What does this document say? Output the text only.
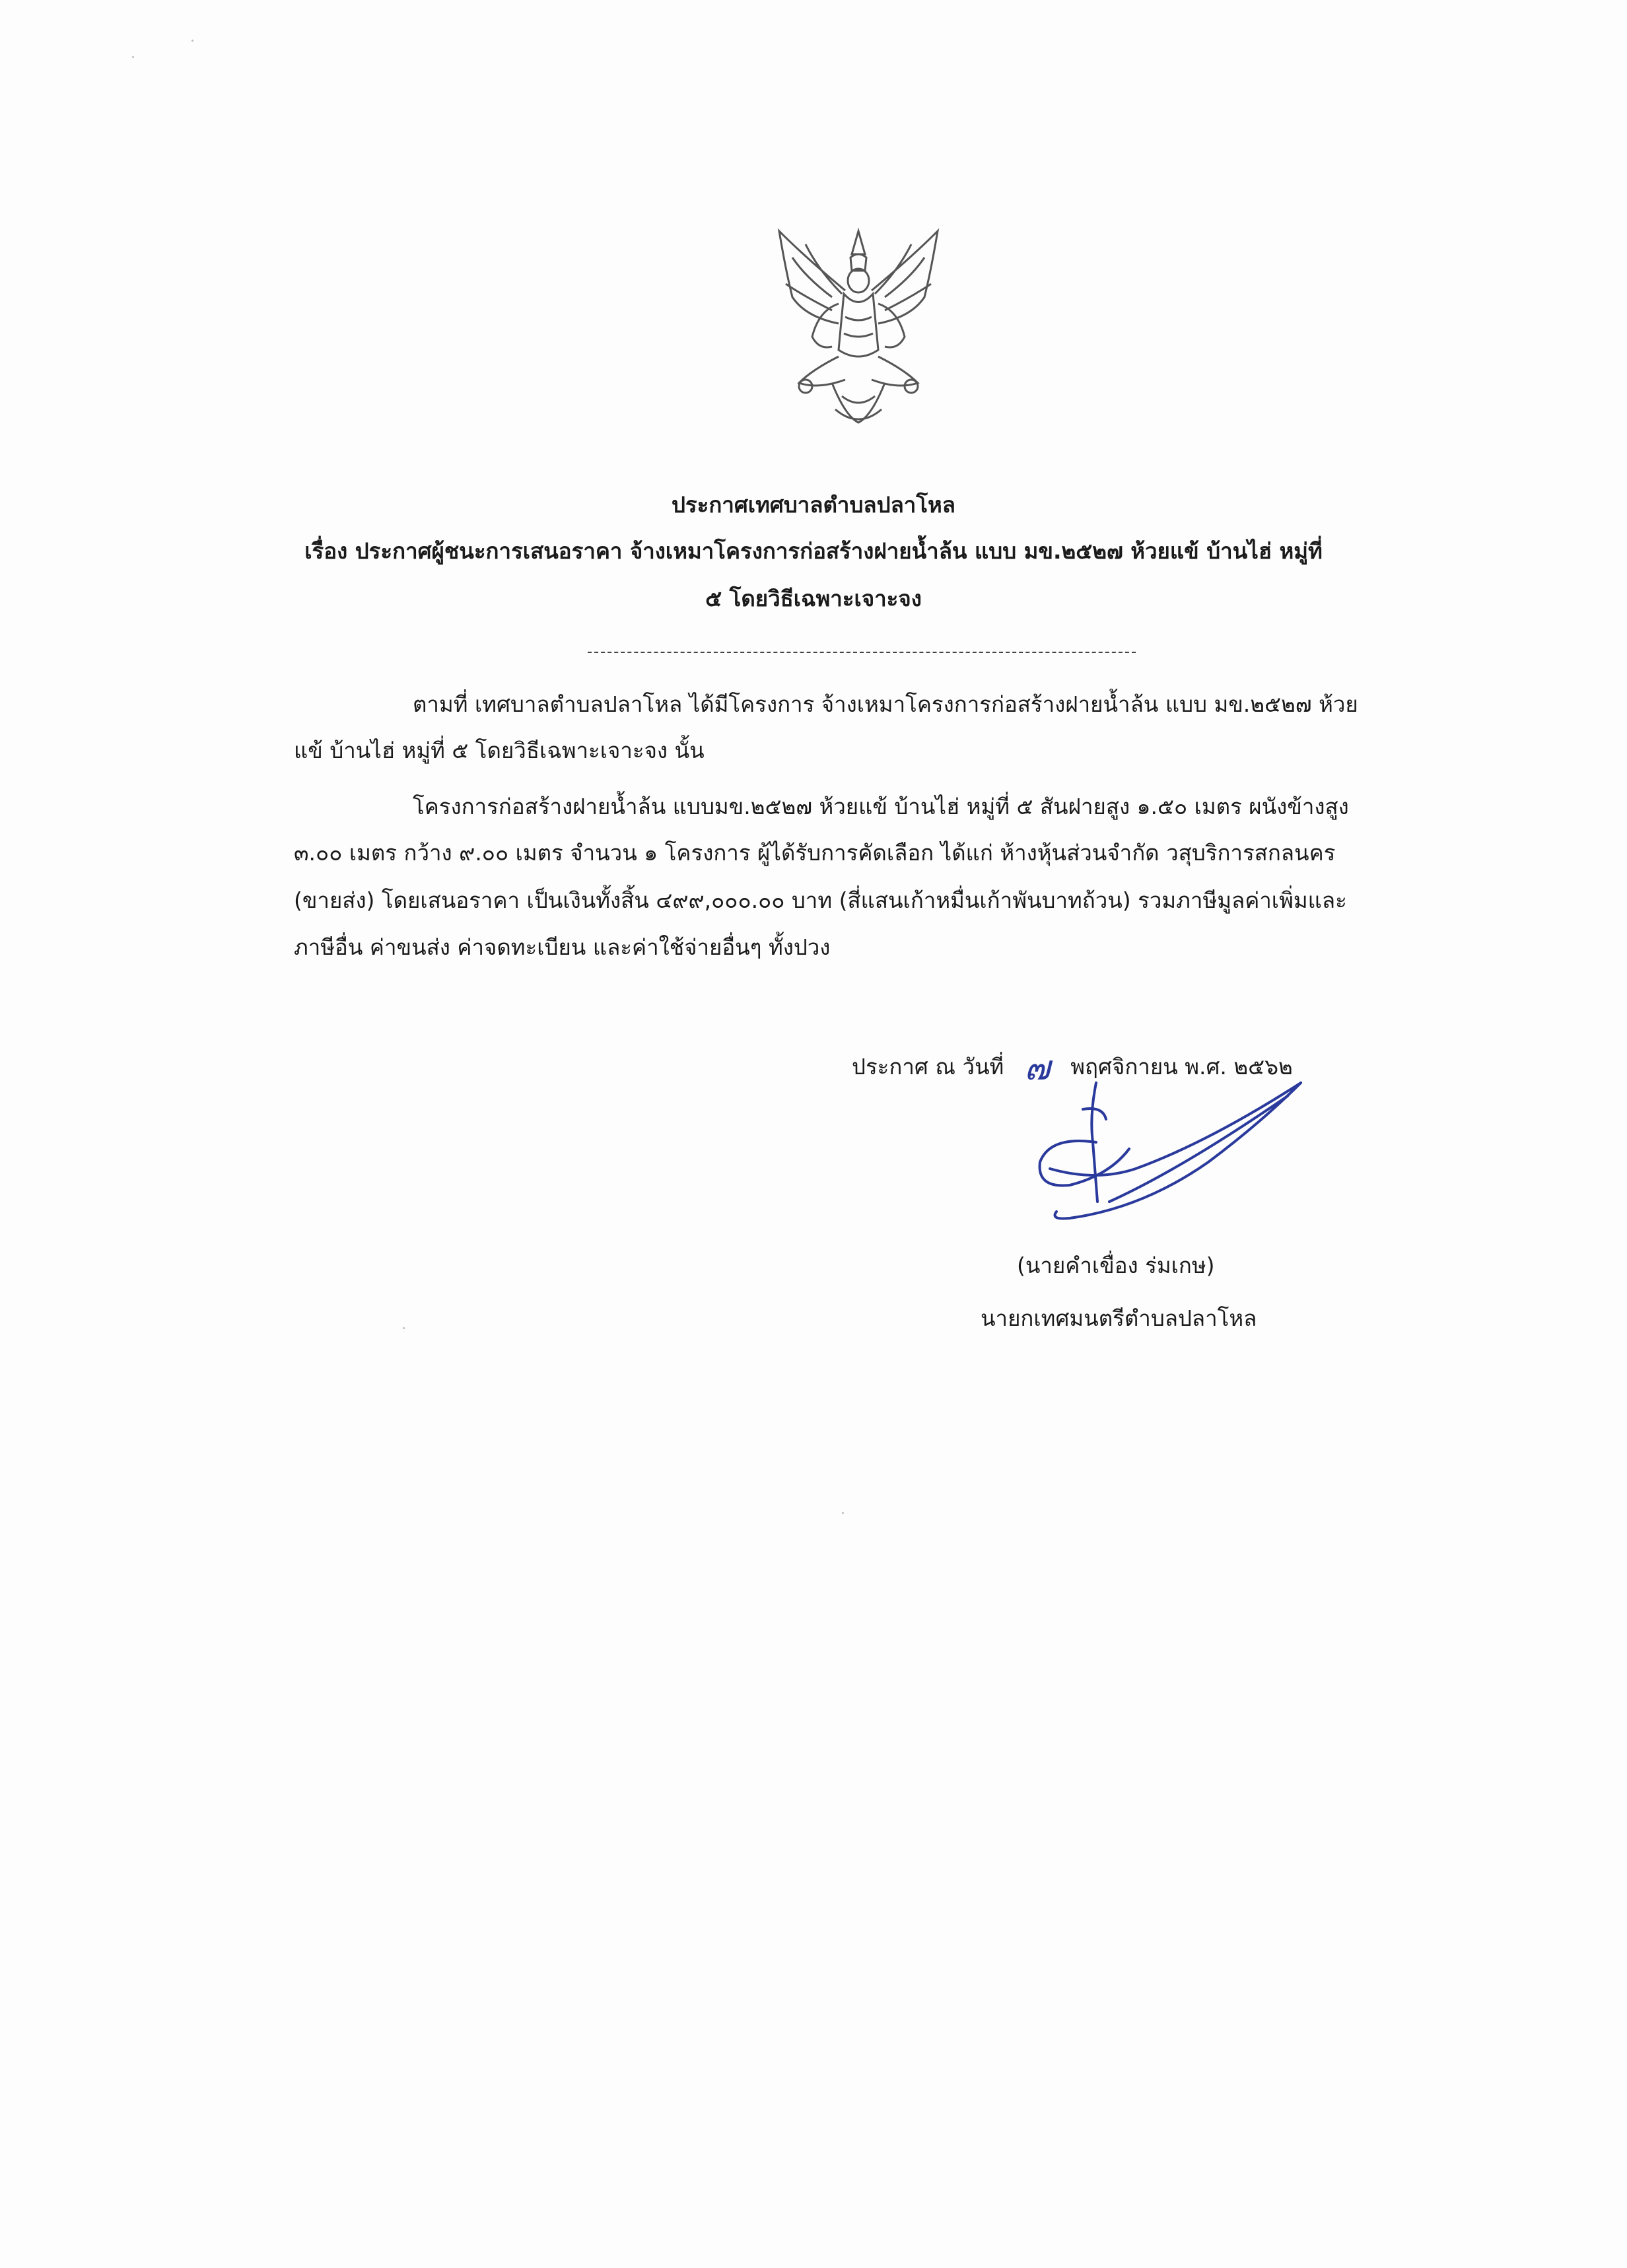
ประกาศเทศบาลตำบลปลาโหล
เรื่อง ประกาศผู้ชนะการเสนอราคา จ้างเหมาโครงการก่อสร้างฝายน้ำล้น แบบ มข.๒๕๒๗ ห้วยแข้ บ้านไฮ่ หมู่ที่
๕ โดยวิธีเฉพาะเจาะจง
ตามที่ เทศบาลตำบลปลาโหล ได้มีโครงการ จ้างเหมาโครงการก่อสร้างฝายน้ำล้น แบบ มข.๒๕๒๗ ห้วย
แข้ บ้านไฮ่ หมู่ที่ ๕ โดยวิธีเฉพาะเจาะจง นั้น
โครงการก่อสร้างฝายน้ำล้น แบบมข.๒๕๒๗ ห้วยแข้ บ้านไฮ่ หมู่ที่ ๕ สันฝายสูง ๑.๕๐ เมตร ผนังข้างสูง
๓.๐๐ เมตร กว้าง ๙.๐๐ เมตร จำนวน ๑ โครงการ ผู้ได้รับการคัดเลือก ได้แก่ ห้างหุ้นส่วนจำกัด วสุบริการสกลนคร
(ขายส่ง) โดยเสนอราคา เป็นเงินทั้งสิ้น ๔๙๙,๐๐๐.๐๐ บาท (สี่แสนเก้าหมื่นเก้าพันบาทถ้วน) รวมภาษีมูลค่าเพิ่มและ
ภาษีอื่น ค่าขนส่ง ค่าจดทะเบียน และค่าใช้จ่ายอื่นๆ ทั้งปวง
ประกาศ ณ วันที่ ๗ พฤศจิกายน พ.ศ. ๒๕๖๒
(นายคำเขื่อง ร่มเกษ)
นายกเทศมนตรีตำบลปลาโหล
